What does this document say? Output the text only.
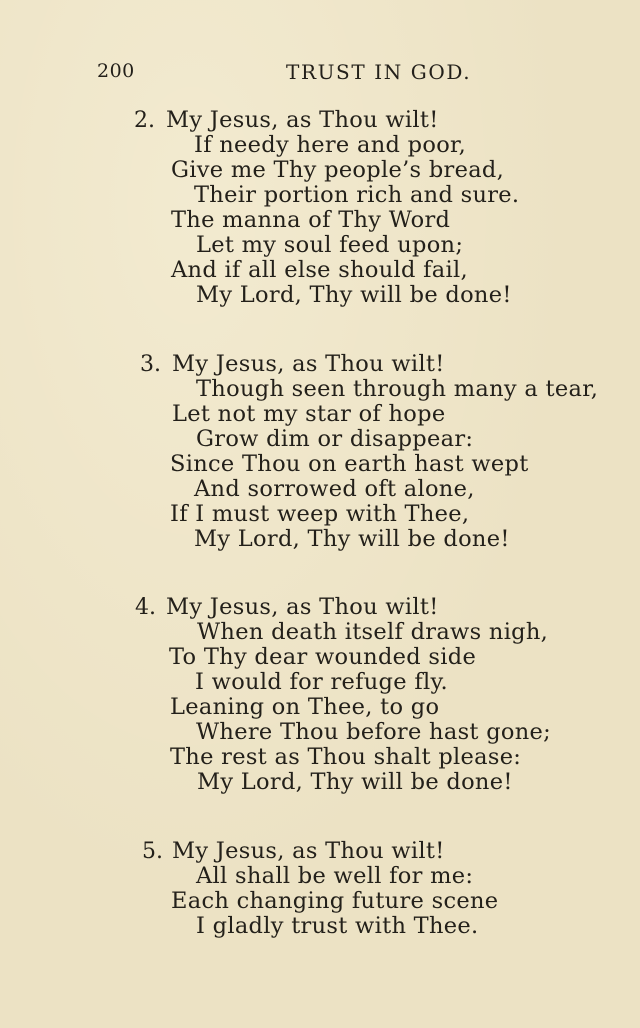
200	TRUST IN GOD.
2. My Jesus, as Thou wilt!
If needy here and poor,
Give me Thy people’s bread,
Their portion rich and sure.
The manna of Thy Word
Let my soul feed upon;
And if all else should fail,
My Lord, Thy will be done!
3. My Jesus, as Thou wilt!
Though seen through many a tear,
Let not my star of hope
Grow dim or disappear:
Since Thou on earth hast wept
And sorrowed oft alone,
If I must weep with Thee,
My Lord, Thy will be done!
4. My Jesus, as Thou wilt!
When death itself draws nigh,
To Thy dear wounded side
I would for refuge fly.
Leaning on Thee, to go
Where Thou before hast gone;
The rest as Thou shalt please:
My Lord, Thy will be done!
5. My Jesus, as Thou wilt!
All shall be well for me:
Each changing future scene
I gladly trust with Thee.
